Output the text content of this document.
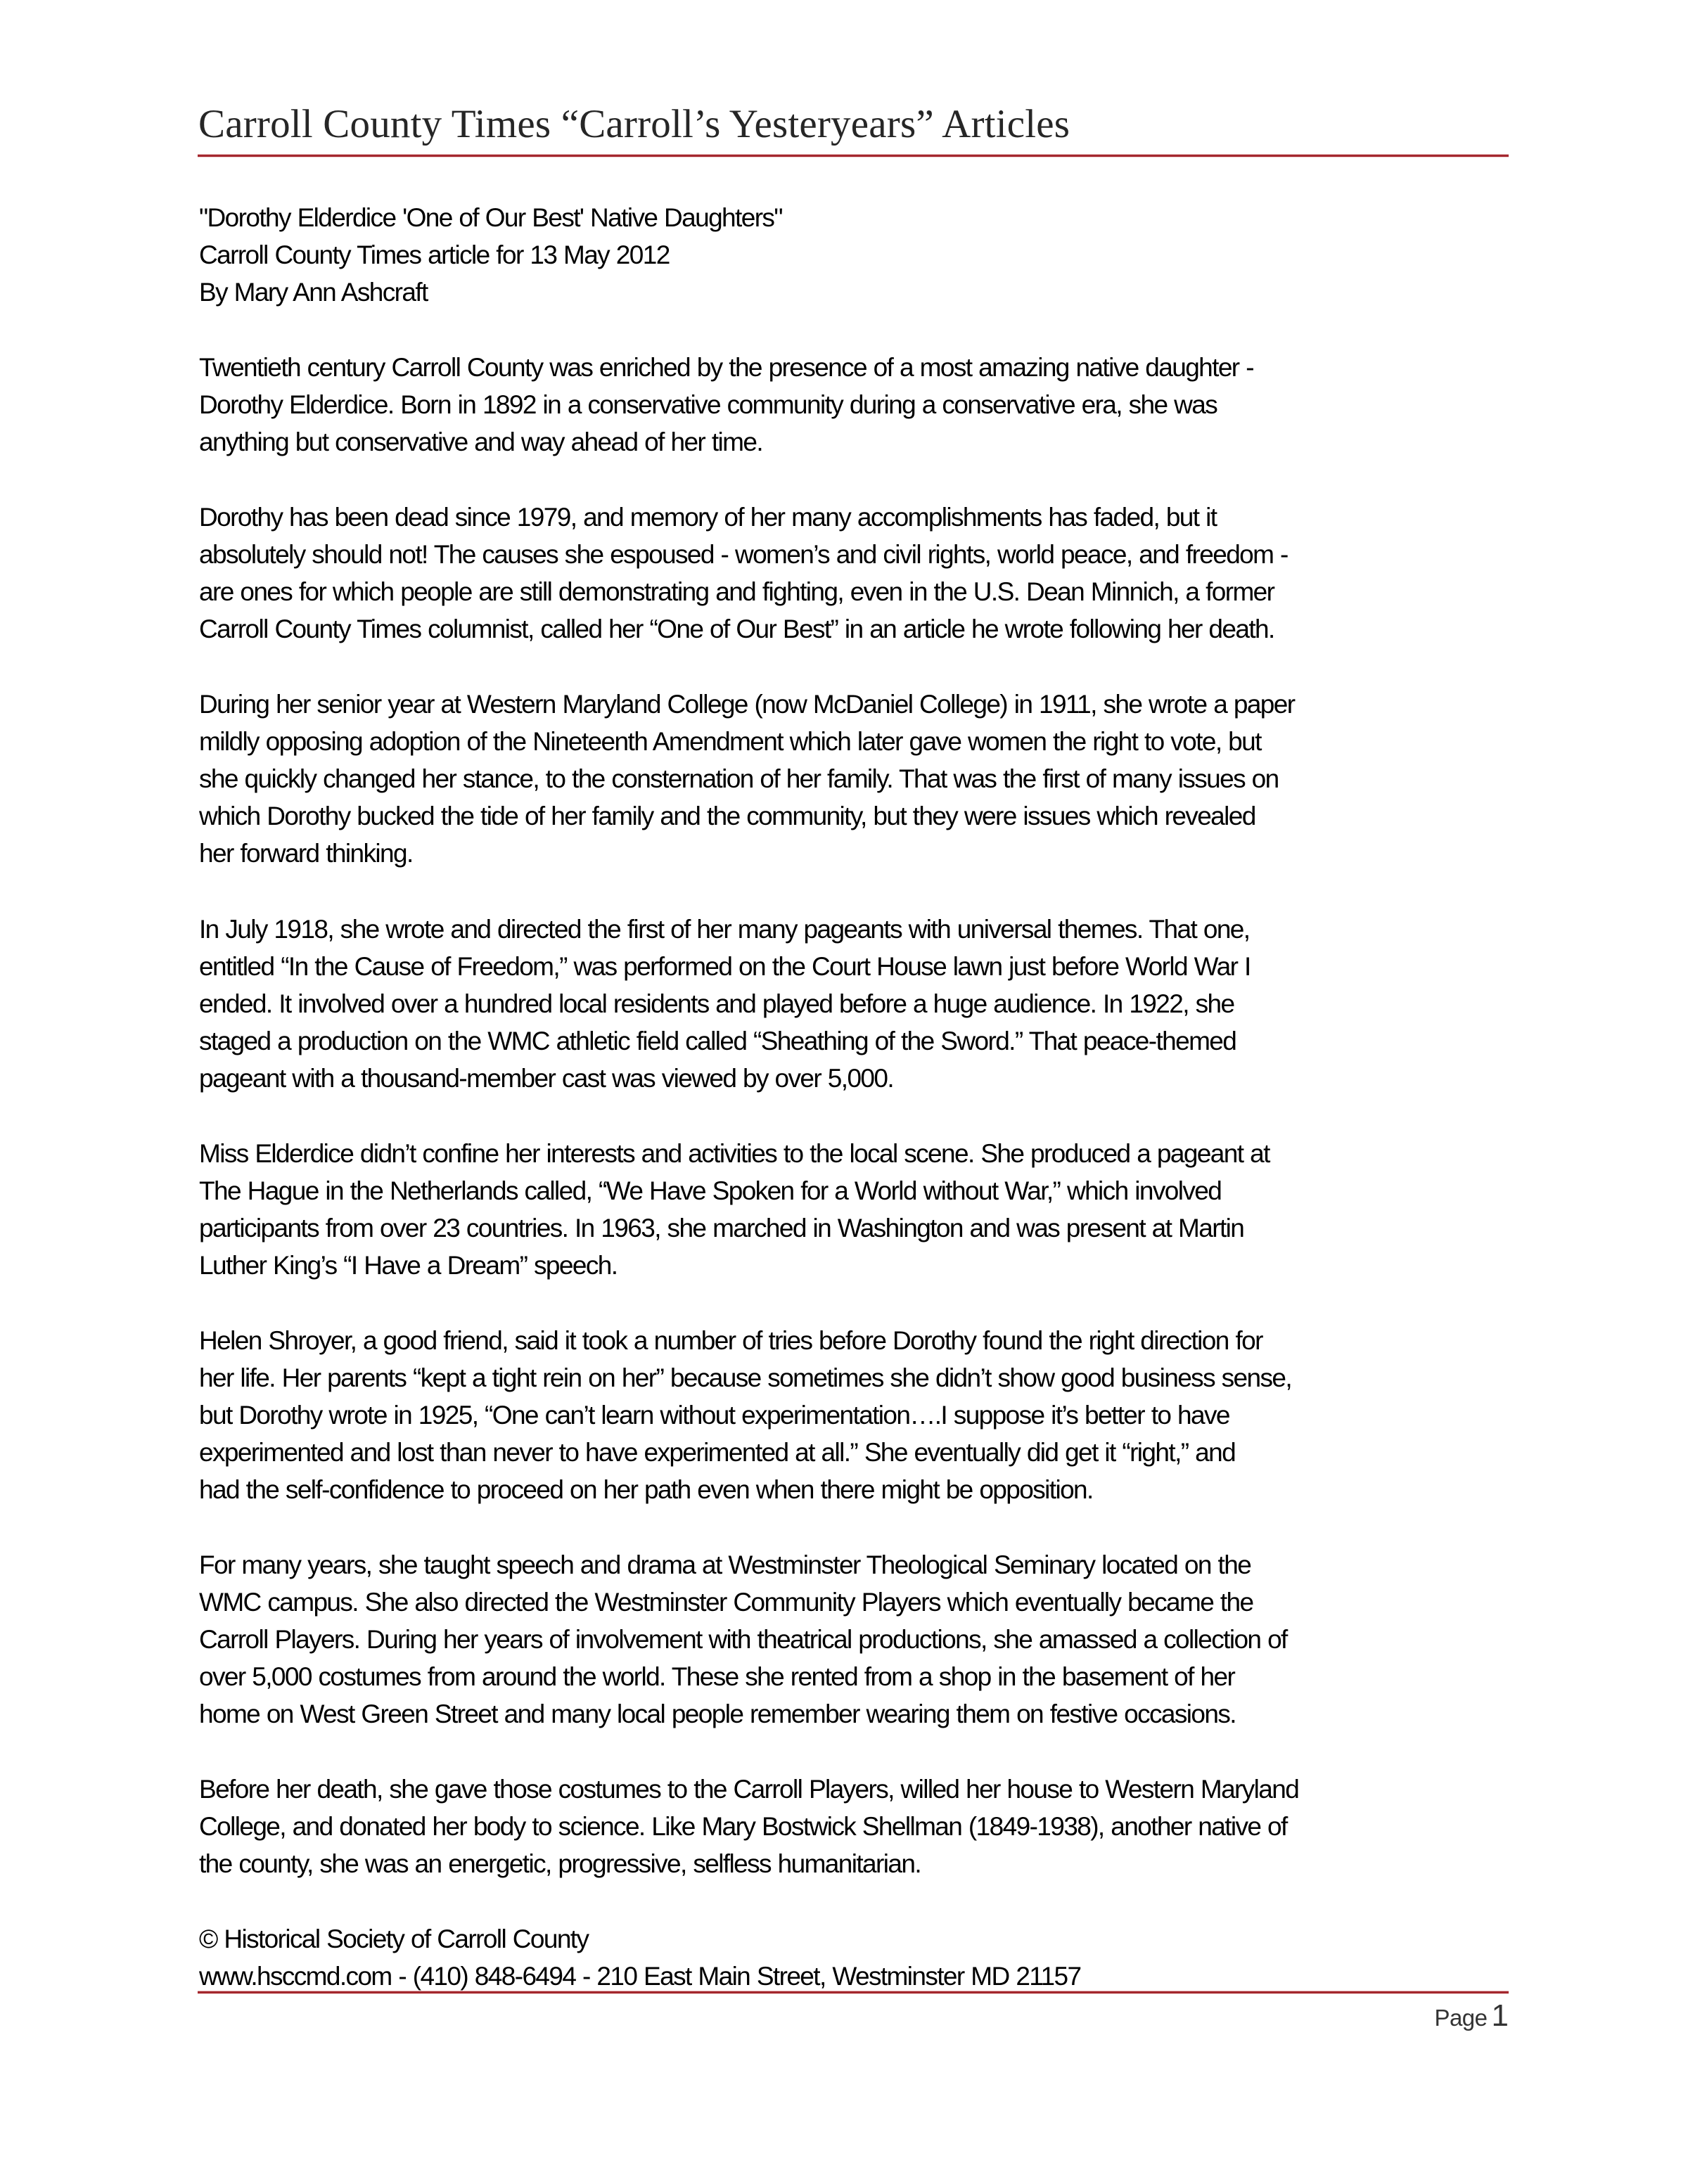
Carroll County Times “Carroll’s Yesteryears” Articles
"Dorothy Elderdice 'One of Our Best' Native Daughters"
Carroll County Times article for 13 May 2012
By Mary Ann Ashcraft
Twentieth century Carroll County was enriched by the presence of a most amazing native daughter -
Dorothy Elderdice. Born in 1892 in a conservative community during a conservative era, she was
anything but conservative and way ahead of her time.
Dorothy has been dead since 1979, and memory of her many accomplishments has faded, but it
absolutely should not! The causes she espoused - women’s and civil rights, world peace, and freedom -
are ones for which people are still demonstrating and fighting, even in the U.S. Dean Minnich, a former
Carroll County Times columnist, called her “One of Our Best” in an article he wrote following her death.
During her senior year at Western Maryland College (now McDaniel College) in 1911, she wrote a paper
mildly opposing adoption of the Nineteenth Amendment which later gave women the right to vote, but
she quickly changed her stance, to the consternation of her family. That was the first of many issues on
which Dorothy bucked the tide of her family and the community, but they were issues which revealed
her forward thinking.
In July 1918, she wrote and directed the first of her many pageants with universal themes. That one,
entitled “In the Cause of Freedom,” was performed on the Court House lawn just before World War I
ended. It involved over a hundred local residents and played before a huge audience. In 1922, she
staged a production on the WMC athletic field called “Sheathing of the Sword.” That peace-themed
pageant with a thousand-member cast was viewed by over 5,000.
Miss Elderdice didn’t confine her interests and activities to the local scene. She produced a pageant at
The Hague in the Netherlands called, “We Have Spoken for a World without War,” which involved
participants from over 23 countries. In 1963, she marched in Washington and was present at Martin
Luther King’s “I Have a Dream” speech.
Helen Shroyer, a good friend, said it took a number of tries before Dorothy found the right direction for
her life. Her parents “kept a tight rein on her” because sometimes she didn’t show good business sense,
but Dorothy wrote in 1925, “One can’t learn without experimentation….I suppose it’s better to have
experimented and lost than never to have experimented at all.” She eventually did get it “right,” and
had the self-confidence to proceed on her path even when there might be opposition.
For many years, she taught speech and drama at Westminster Theological Seminary located on the
WMC campus. She also directed the Westminster Community Players which eventually became the
Carroll Players. During her years of involvement with theatrical productions, she amassed a collection of
over 5,000 costumes from around the world. These she rented from a shop in the basement of her
home on West Green Street and many local people remember wearing them on festive occasions.
Before her death, she gave those costumes to the Carroll Players, willed her house to Western Maryland
College, and donated her body to science. Like Mary Bostwick Shellman (1849-1938), another native of
the county, she was an energetic, progressive, selfless humanitarian.
© Historical Society of Carroll County
www.hsccmd.com - (410) 848-6494 - 210 East Main Street, Westminster MD 21157
Page 1
